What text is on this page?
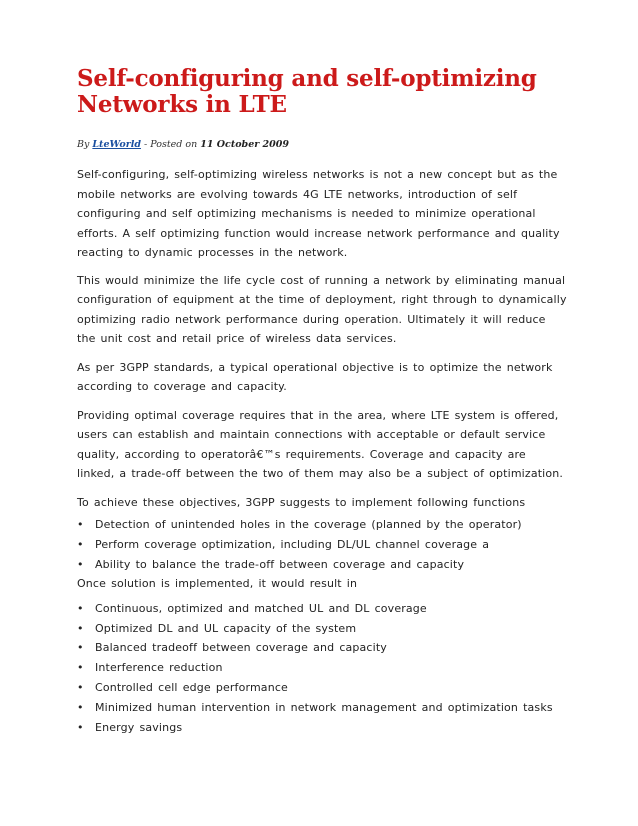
Self-configuring and self-optimizing Networks in LTE
By LteWorld - Posted on 11 October 2009

Self-configuring, self-optimizing wireless networks is not a new concept but as the mobile networks are evolving towards 4G LTE networks, introduction of self configuring and self optimizing mechanisms is needed to minimize operational efforts. A self optimizing function would increase network performance and quality reacting to dynamic processes in the network.

This would minimize the life cycle cost of running a network by eliminating manual configuration of equipment at the time of deployment, right through to dynamically optimizing radio network performance during operation. Ultimately it will reduce the unit cost and retail price of wireless data services.

As per 3GPP standards, a typical operational objective is to optimize the network according to coverage and capacity.

Providing optimal coverage requires that in the area, where LTE system is offered, users can establish and maintain connections with acceptable or default service quality, according to operatorâ€™s requirements. Coverage and capacity are linked, a trade-off between the two of them may also be a subject of optimization.

To achieve these objectives, 3GPP suggests to implement following functions

• Detection of unintended holes in the coverage (planned by the operator)
• Perform coverage optimization, including DL/UL channel coverage a
• Ability to balance the trade-off between coverage and capacity

Once solution is implemented, it would result in

• Continuous, optimized and matched UL and DL coverage
• Optimized DL and UL capacity of the system
• Balanced tradeoff between coverage and capacity
• Interference reduction
• Controlled cell edge performance
• Minimized human intervention in network management and optimization tasks
• Energy savings
